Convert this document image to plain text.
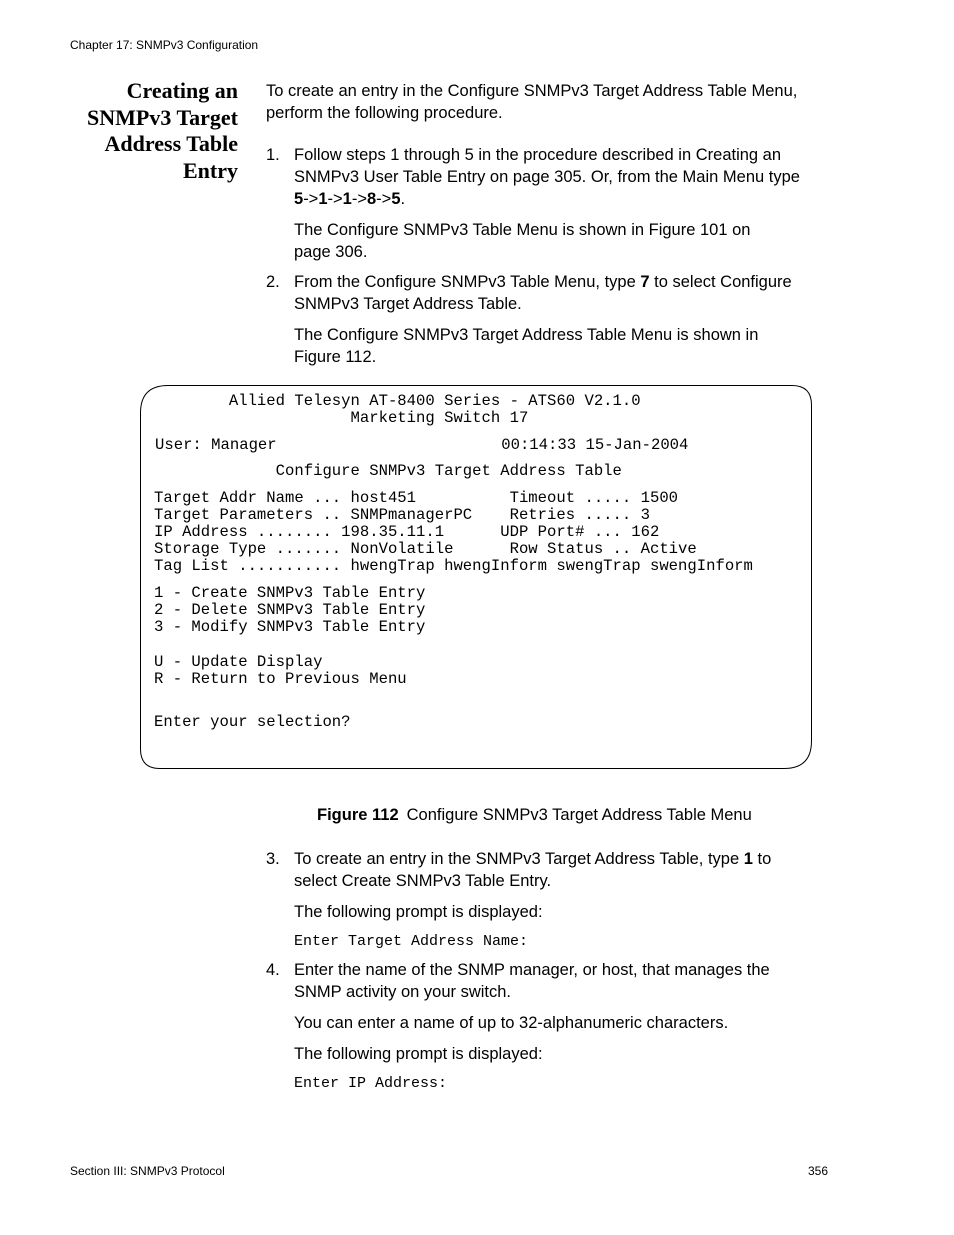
Chapter 17: SNMPv3 Configuration
Creating an
SNMPv3 Target
Address Table
Entry
To create an entry in the Configure SNMPv3 Target Address Table Menu,
perform the following procedure.
1. Follow steps 1 through 5 in the procedure described in Creating an
SNMPv3 User Table Entry on page 305. Or, from the Main Menu type
5->1->1->8->5.
The Configure SNMPv3 Table Menu is shown in Figure 101 on
page 306.
2. From the Configure SNMPv3 Table Menu, type 7 to select Configure
SNMPv3 Target Address Table.
The Configure SNMPv3 Target Address Table Menu is shown in
Figure 112.
Allied Telesyn AT-8400 Series - ATS60 V2.1.0
Marketing Switch 17
User: Manager                        00:14:33 15-Jan-2004
Configure SNMPv3 Target Address Table
Target Addr Name ... host451          Timeout ..... 1500
Target Parameters .. SNMPmanagerPC    Retries ..... 3
IP Address ........ 198.35.11.1      UDP Port# ... 162
Storage Type ....... NonVolatile      Row Status .. Active
Tag List ........... hwengTrap hwengInform swengTrap swengInform
1 - Create SNMPv3 Table Entry
2 - Delete SNMPv3 Table Entry
3 - Modify SNMPv3 Table Entry
U - Update Display
R - Return to Previous Menu
Enter your selection?
Figure 112 Configure SNMPv3 Target Address Table Menu
3. To create an entry in the SNMPv3 Target Address Table, type 1 to
select Create SNMPv3 Table Entry.
The following prompt is displayed:
Enter Target Address Name:
4. Enter the name of the SNMP manager, or host, that manages the
SNMP activity on your switch.
You can enter a name of up to 32-alphanumeric characters.
The following prompt is displayed:
Enter IP Address:
Section III: SNMPv3 Protocol	356
